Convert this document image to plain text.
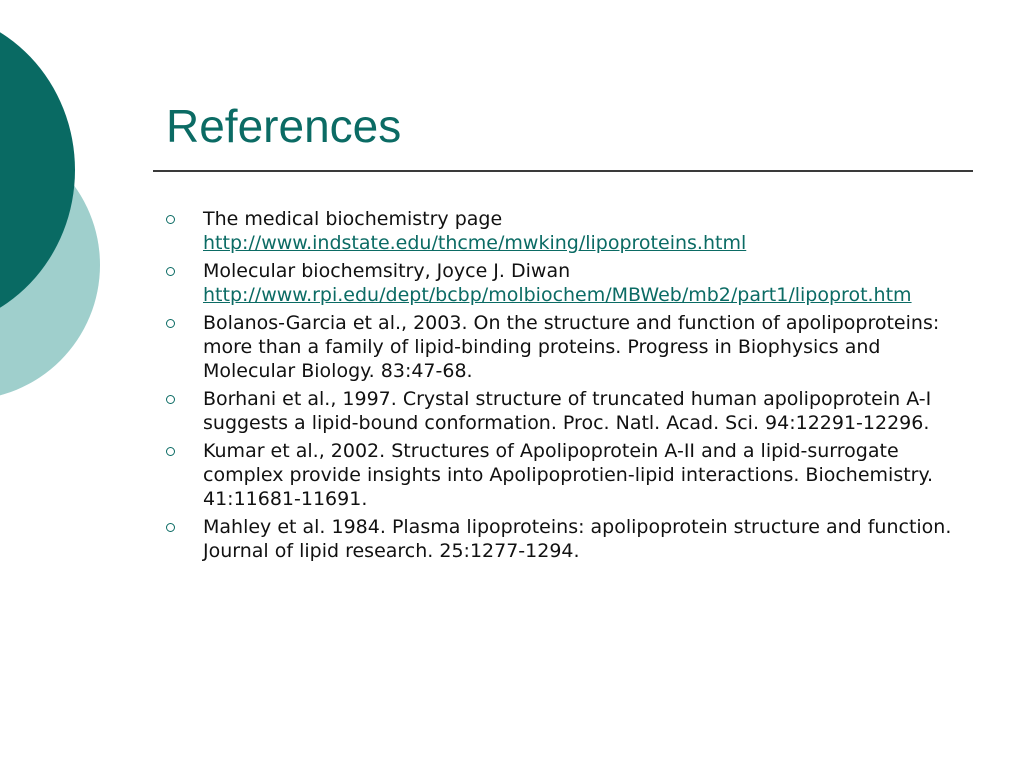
References
The medical biochemistry page
http://www.indstate.edu/thcme/mwking/lipoproteins.html
Molecular biochemsitry, Joyce J. Diwan
http://www.rpi.edu/dept/bcbp/molbiochem/MBWeb/mb2/part1/lipoprot.htm
Bolanos-Garcia et al., 2003. On the structure and function of apolipoproteins: more than a family of lipid-binding proteins. Progress in Biophysics and Molecular Biology. 83:47-68.
Borhani et al., 1997. Crystal structure of truncated human apolipoprotein A-I suggests a lipid-bound conformation. Proc. Natl. Acad. Sci. 94:12291-12296.
Kumar et al., 2002. Structures of Apolipoprotein A-II and a lipid-surrogate complex provide insights into Apolipoprotien-lipid interactions. Biochemistry. 41:11681-11691.
Mahley et al. 1984. Plasma lipoproteins: apolipoprotein structure and function. Journal of lipid research. 25:1277-1294.
